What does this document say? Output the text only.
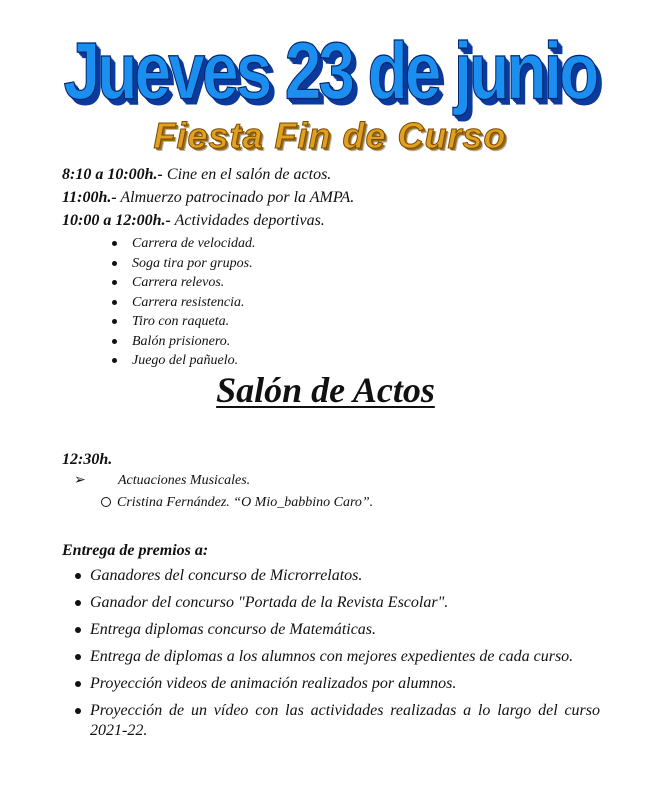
Jueves 23 de junio
Fiesta Fin de Curso
8:10 a 10:00h.- Cine en el salón de actos.
11:00h.- Almuerzo patrocinado por la AMPA.
10:00 a 12:00h.- Actividades deportivas.
Carrera de velocidad.
Soga tira por grupos.
Carrera relevos.
Carrera resistencia.
Tiro con raqueta.
Balón prisionero.
Juego del pañuelo.
Salón de Actos
12:30h.
➢ Actuaciones Musicales.
Cristina Fernández. “O Mio_babbino Caro”.
Entrega de premios a:
Ganadores del concurso de Microrrelatos.
Ganador del concurso "Portada de la Revista Escolar".
Entrega diplomas concurso de Matemáticas.
Entrega de diplomas a los alumnos con mejores expedientes de cada curso.
Proyección videos de animación realizados por alumnos.
Proyección de un vídeo con las actividades realizadas a lo largo del curso 2021-22.
